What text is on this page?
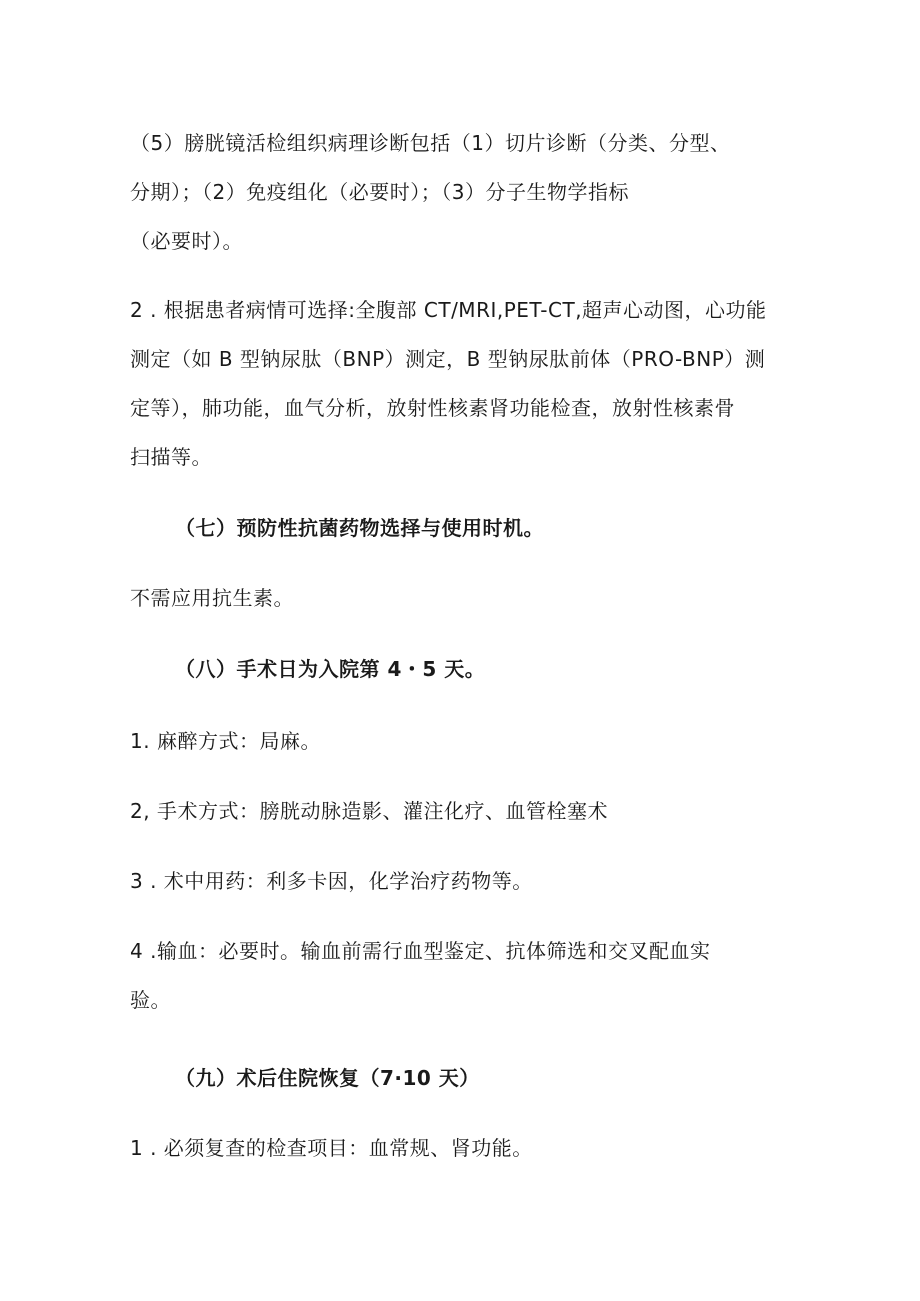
（5）膀胱镜活检组织病理诊断包括（1）切片诊断（分类、分型、
分期）；（2）免疫组化（必要时）；（3）分子生物学指标
（必要时）。
2 . 根据患者病情可选择:全腹部 CT/MRI,PET-CT,超声心动图，心功能
测定（如 B 型钠尿肽（BNP）测定，B 型钠尿肽前体（PRO-BNP）测
定等），肺功能，血气分析，放射性核素肾功能检查，放射性核素骨
扫描等。
（七）预防性抗菌药物选择与使用时机。
不需应用抗生素。
（八）手术日为入院第 4・5 天。
1. 麻醉方式：局麻。
2, 手术方式：膀胱动脉造影、灌注化疗、血管栓塞术
3 . 术中用药：利多卡因，化学治疗药物等。
4 .输血：必要时。输血前需行血型鉴定、抗体筛选和交叉配血实
验。
（九）术后住院恢复（7·10 天）
1 . 必须复查的检查项目：血常规、肾功能。
